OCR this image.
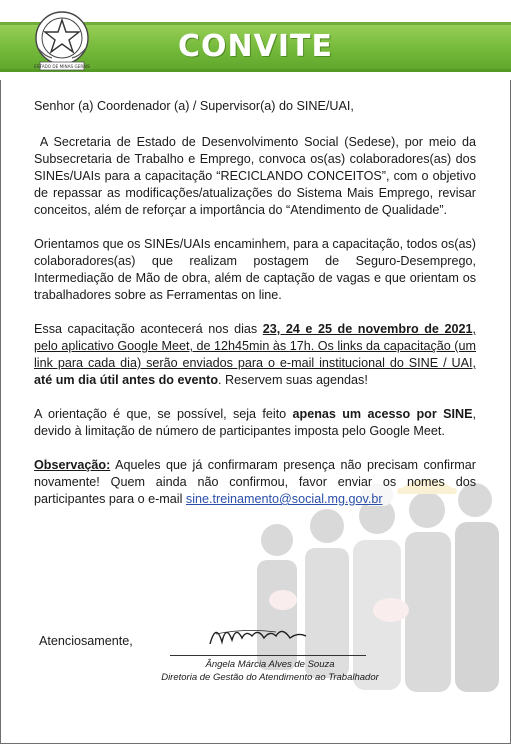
CONVITE
ESTADO DE MINAS GERAIS

Senhor (a) Coordenador (a) / Supervisor(a) do SINE/UAI,

A Secretaria de Estado de Desenvolvimento Social (Sedese), por meio da Subsecretaria de Trabalho e Emprego, convoca os(as) colaboradores(as) dos SINEs/UAIs para a capacitação “RECICLANDO CONCEITOS”, com o objetivo de repassar as modificações/atualizações do Sistema Mais Emprego, revisar conceitos, além de reforçar a importância do “Atendimento de Qualidade”.

Orientamos que os SINEs/UAIs encaminhem, para a capacitação, todos os(as) colaboradores(as) que realizam postagem de Seguro-Desemprego, Intermediação de Mão de obra, além de captação de vagas e que orientam os trabalhadores sobre as Ferramentas on line.

Essa capacitação acontecerá nos dias 23, 24 e 25 de novembro de 2021, pelo aplicativo Google Meet, de 12h45min às 17h. Os links da capacitação (um link para cada dia) serão enviados para o e-mail institucional do SINE / UAI, até um dia útil antes do evento. Reservem suas agendas!

A orientação é que, se possível, seja feito apenas um acesso por SINE, devido à limitação de número de participantes imposta pelo Google Meet.

Observação: Aqueles que já confirmaram presença não precisam confirmar novamente! Quem ainda não confirmou, favor enviar os nomes dos participantes para o e-mail sine.treinamento@social.mg.gov.br

Atenciosamente,
Ângela Márcia Alves de Souza
Diretoria de Gestão do Atendimento ao Trabalhador
